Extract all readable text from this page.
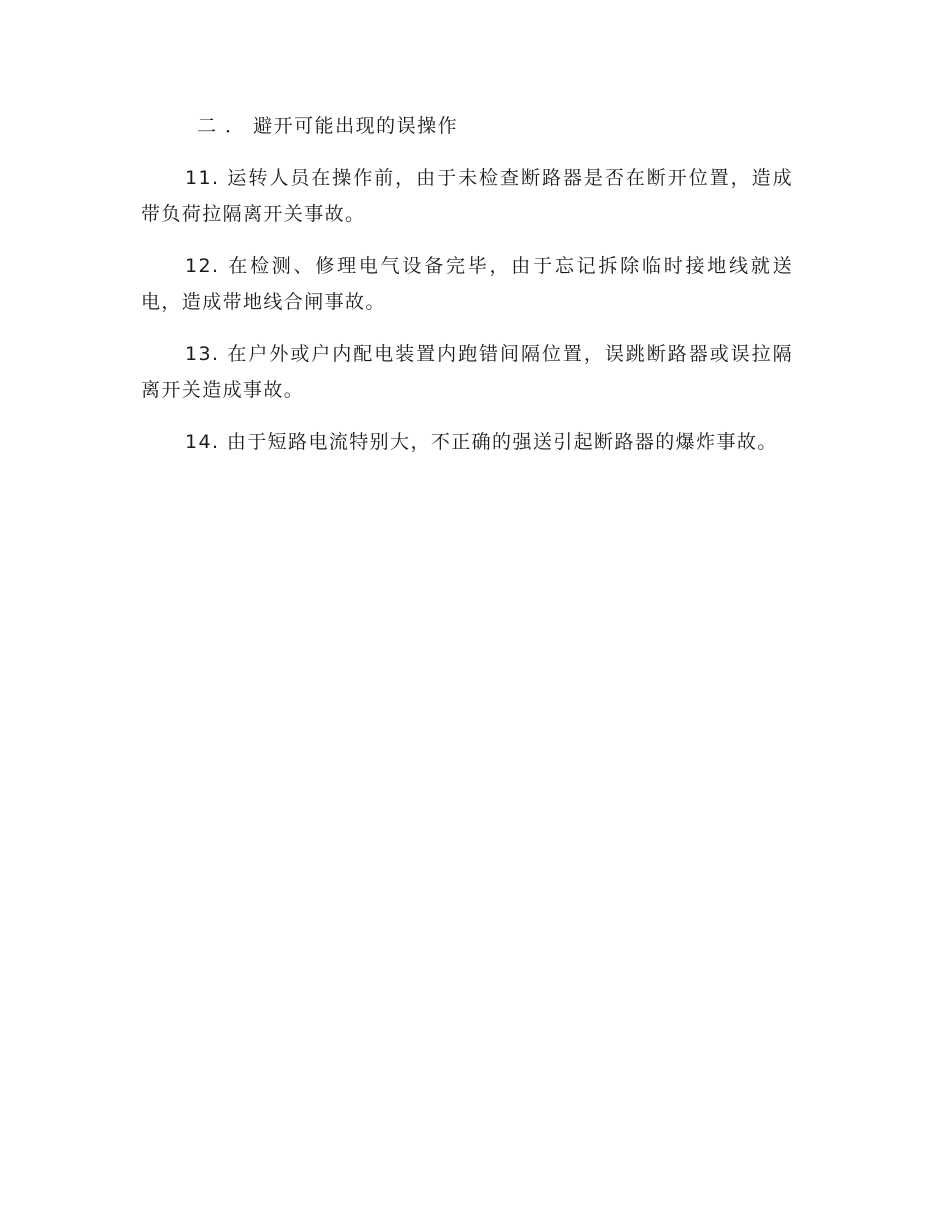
二 ． 避开可能出现的误操作

11. 运转人员在操作前，由于未检查断路器是否在断开位置，造成带负荷拉隔离开关事故。

12. 在检测、修理电气设备完毕，由于忘记拆除临时接地线就送电，造成带地线合闸事故。

13. 在户外或户内配电装置内跑错间隔位置，误跳断路器或误拉隔离开关造成事故。

14. 由于短路电流特别大，不正确的强送引起断路器的爆炸事故。
